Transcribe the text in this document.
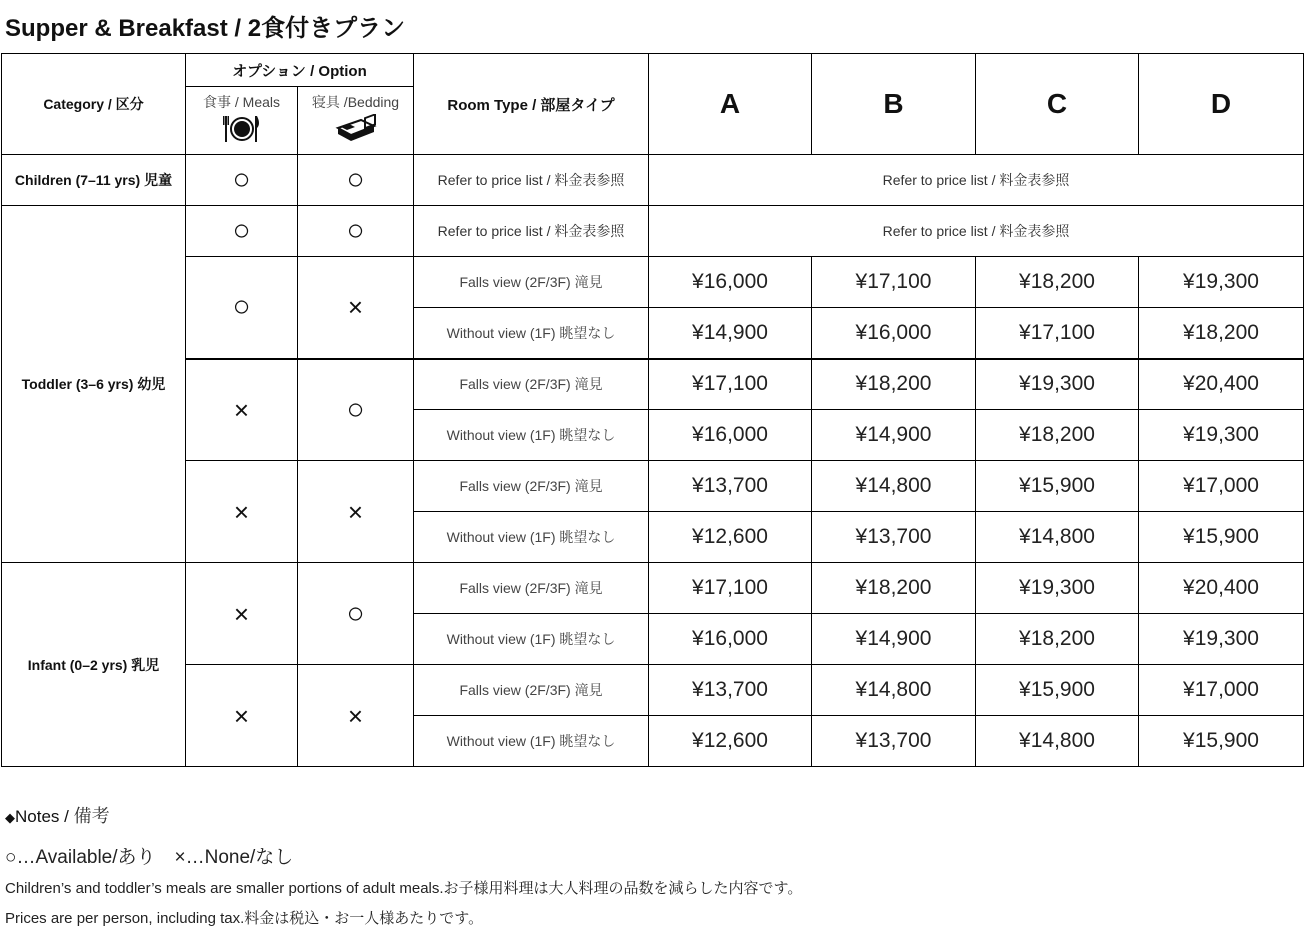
Supper & Breakfast / 2食付きプラン
Category / 区分	オプション / Option		Room Type / 部屋タイプ	A	B	C	D

	食事 / Meals	寝具 /Bedding					

Children (7–11 yrs) 児童	○	○	Refer to price list / 料金表参照	Refer to price list / 料金表参照			
Toddler (3–6 yrs) 幼児	○	○	Refer to price list / 料金表参照	Refer to price list / 料金表参照			
	○	×	Falls view (2F/3F) 滝見	¥16,000	¥17,100	¥18,200	¥19,300
			Without view (1F) 眺望なし	¥14,900	¥16,000	¥17,100	¥18,200
	×	○	Falls view (2F/3F) 滝見	¥17,100	¥18,200	¥19,300	¥20,400
			Without view (1F) 眺望なし	¥16,000	¥14,900	¥18,200	¥19,300
	×	×	Falls view (2F/3F) 滝見	¥13,700	¥14,800	¥15,900	¥17,000
			Without view (1F) 眺望なし	¥12,600	¥13,700	¥14,800	¥15,900
Infant (0–2 yrs) 乳児	×	○	Falls view (2F/3F) 滝見	¥17,100	¥18,200	¥19,300	¥20,400
			Without view (1F) 眺望なし	¥16,000	¥14,900	¥18,200	¥19,300
	×	×	Falls view (2F/3F) 滝見	¥13,700	¥14,800	¥15,900	¥17,000
			Without view (1F) 眺望なし	¥12,600	¥13,700	¥14,800	¥15,900

◆Notes / 備考

○…Available/あり　×…None/なし

Children’s and toddler’s meals are smaller portions of adult meals.お子様用料理は大人料理の品数を減らした内容です。

Prices are per person, including tax.料金は税込・お一人様あたりです。
